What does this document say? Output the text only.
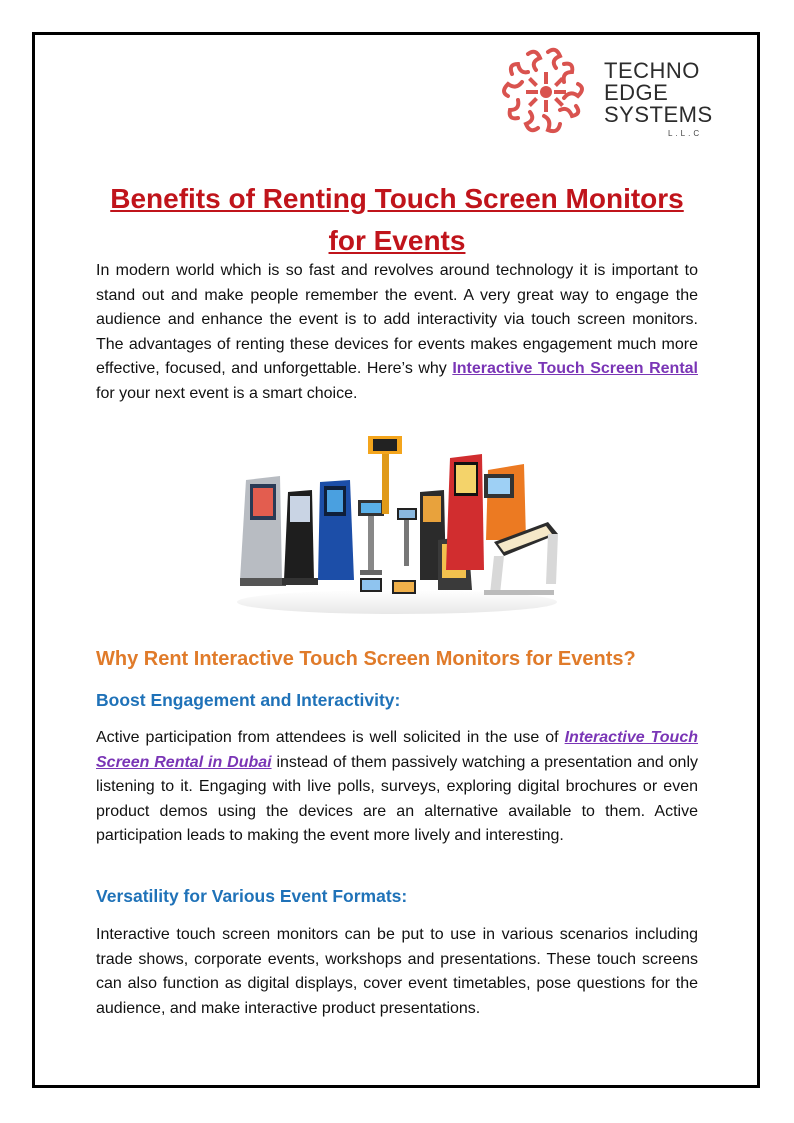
TECHNO
EDGE
SYSTEMS
L.L.C
Benefits of Renting Touch Screen Monitors for Events

In modern world which is so fast and revolves around technology it is important to stand out and make people remember the event. A very great way to engage the audience and enhance the event is to add interactivity via touch screen monitors. The advantages of renting these devices for events makes engagement much more effective, focused, and unforgettable. Here’s why Interactive Touch Screen Rental for your next event is a smart choice.

Why Rent Interactive Touch Screen Monitors for Events?
Boost Engagement and Interactivity:

Active participation from attendees is well solicited in the use of Interactive Touch Screen Rental in Dubai instead of them passively watching a presentation and only listening to it. Engaging with live polls, surveys, exploring digital brochures or even product demos using the devices are an alternative available to them. Active participation leads to making the event more lively and interesting.

Versatility for Various Event Formats:

Interactive touch screen monitors can be put to use in various scenarios including trade shows, corporate events, workshops and presentations. These touch screens can also function as digital displays, cover event timetables, pose questions for the audience, and make interactive product presentations.
